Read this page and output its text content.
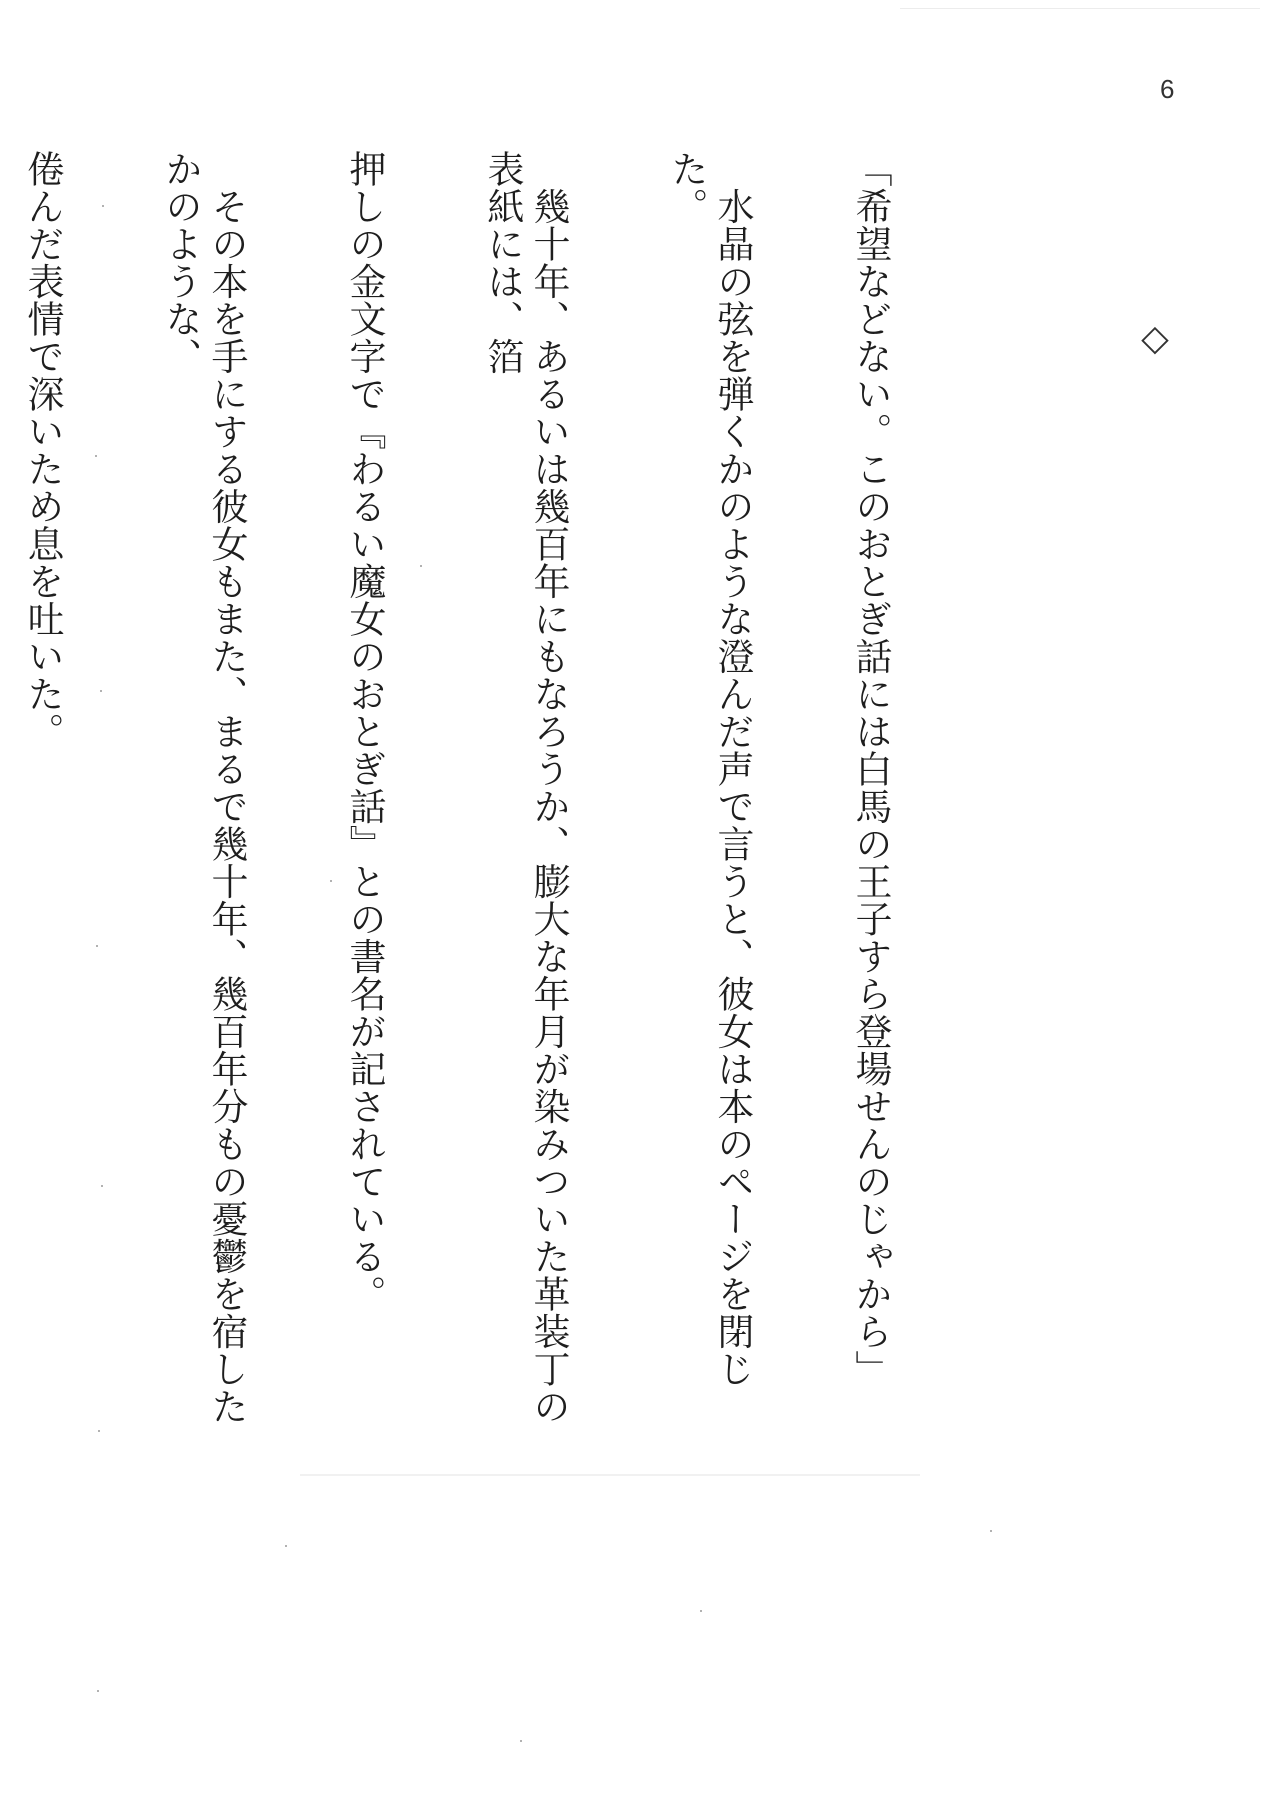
6
◇

「希望などない。このおとぎ話には白馬の王子すら登場せんのじゃから」

　水晶の弦を弾くかのような澄んだ声で言うと、彼女は本のページを閉じた。

　幾十年、あるいは幾百年にもなろうか、膨大な年月が染みついた革装丁の表紙には、箔

押しの金文字で『わるい魔女のおとぎ話』との書名が記されている。

　その本を手にする彼女もまた、まるで幾十年、幾百年分もの憂鬱を宿したかのような、

倦んだ表情で深いため息を吐いた。
